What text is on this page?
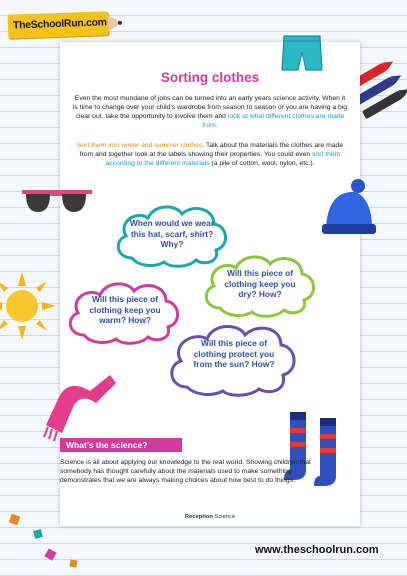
TheSchoolRun.com
Sorting clothes
Even the most mundane of jobs can be turned into an early years science activity. When it is time to change over your child’s wardrobe from season to season or you are having a big clear out, take the opportunity to involve them and look at what different clothes are made from.
Sort them into winter and summer clothes. Talk about the materials the clothes are made from and together look at the labels showing their properties. You could even sort them according to the different materials (a pile of cotton, wool, nylon, etc.).
When would we wear this hat, scarf, shirt? Why?
Will this piece of clothing keep you dry? How?
Will this piece of clothing keep you warm? How?
Will this piece of clothing protect you from the sun? How?
What’s the science?
Science is all about applying our knowledge to the real world. Showing children that somebody has thought carefully about the materials used to make something demonstrates that we are always making choices about how best to do things.
Reception Science
www.theschoolrun.com
